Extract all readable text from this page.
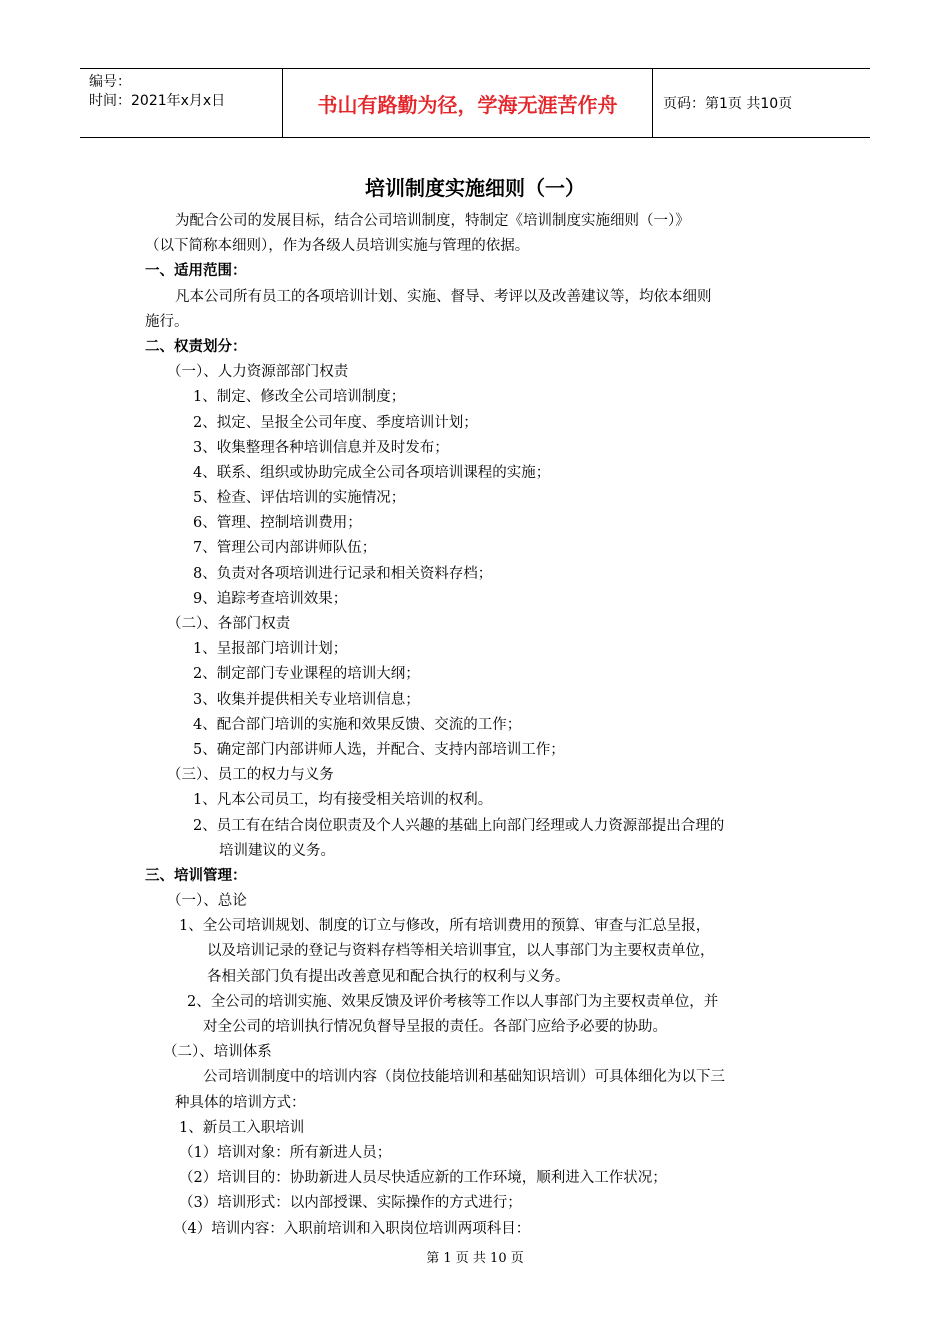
编号：
时间：2021年x月x日	书山有路勤为径，学海无涯苦作舟	页码：第1页 共10页
培训制度实施细则（一）
为配合公司的发展目标，结合公司培训制度，特制定《培训制度实施细则（一）》
（以下简称本细则），作为各级人员培训实施与管理的依据。
一、适用范围：
凡本公司所有员工的各项培训计划、实施、督导、考评以及改善建议等，均依本细则
施行。
二、权责划分：
（一）、人力资源部部门权责
1、制定、修改全公司培训制度；
2、拟定、呈报全公司年度、季度培训计划；
3、收集整理各种培训信息并及时发布；
4、联系、组织或协助完成全公司各项培训课程的实施；
5、检查、评估培训的实施情况；
6、管理、控制培训费用；
7、管理公司内部讲师队伍；
8、负责对各项培训进行记录和相关资料存档；
9、追踪考查培训效果；
（二）、各部门权责
1、呈报部门培训计划；
2、制定部门专业课程的培训大纲；
3、收集并提供相关专业培训信息；
4、配合部门培训的实施和效果反馈、交流的工作；
5、确定部门内部讲师人选，并配合、支持内部培训工作；
（三）、员工的权力与义务
1、凡本公司员工，均有接受相关培训的权利。
2、员工有在结合岗位职责及个人兴趣的基础上向部门经理或人力资源部提出合理的
培训建议的义务。
三、培训管理：
（一）、总论
1、全公司培训规划、制度的订立与修改，所有培训费用的预算、审查与汇总呈报，
以及培训记录的登记与资料存档等相关培训事宜，以人事部门为主要权责单位，
各相关部门负有提出改善意见和配合执行的权利与义务。
2、全公司的培训实施、效果反馈及评价考核等工作以人事部门为主要权责单位，并
对全公司的培训执行情况负督导呈报的责任。各部门应给予必要的协助。
（二）、培训体系
公司培训制度中的培训内容（岗位技能培训和基础知识培训）可具体细化为以下三
种具体的培训方式：
1、新员工入职培训
（1）培训对象：所有新进人员；
（2）培训目的：协助新进人员尽快适应新的工作环境，顺利进入工作状况；
（3）培训形式：以内部授课、实际操作的方式进行；
（4）培训内容：入职前培训和入职岗位培训两项科目：
第 1 页 共 10 页
